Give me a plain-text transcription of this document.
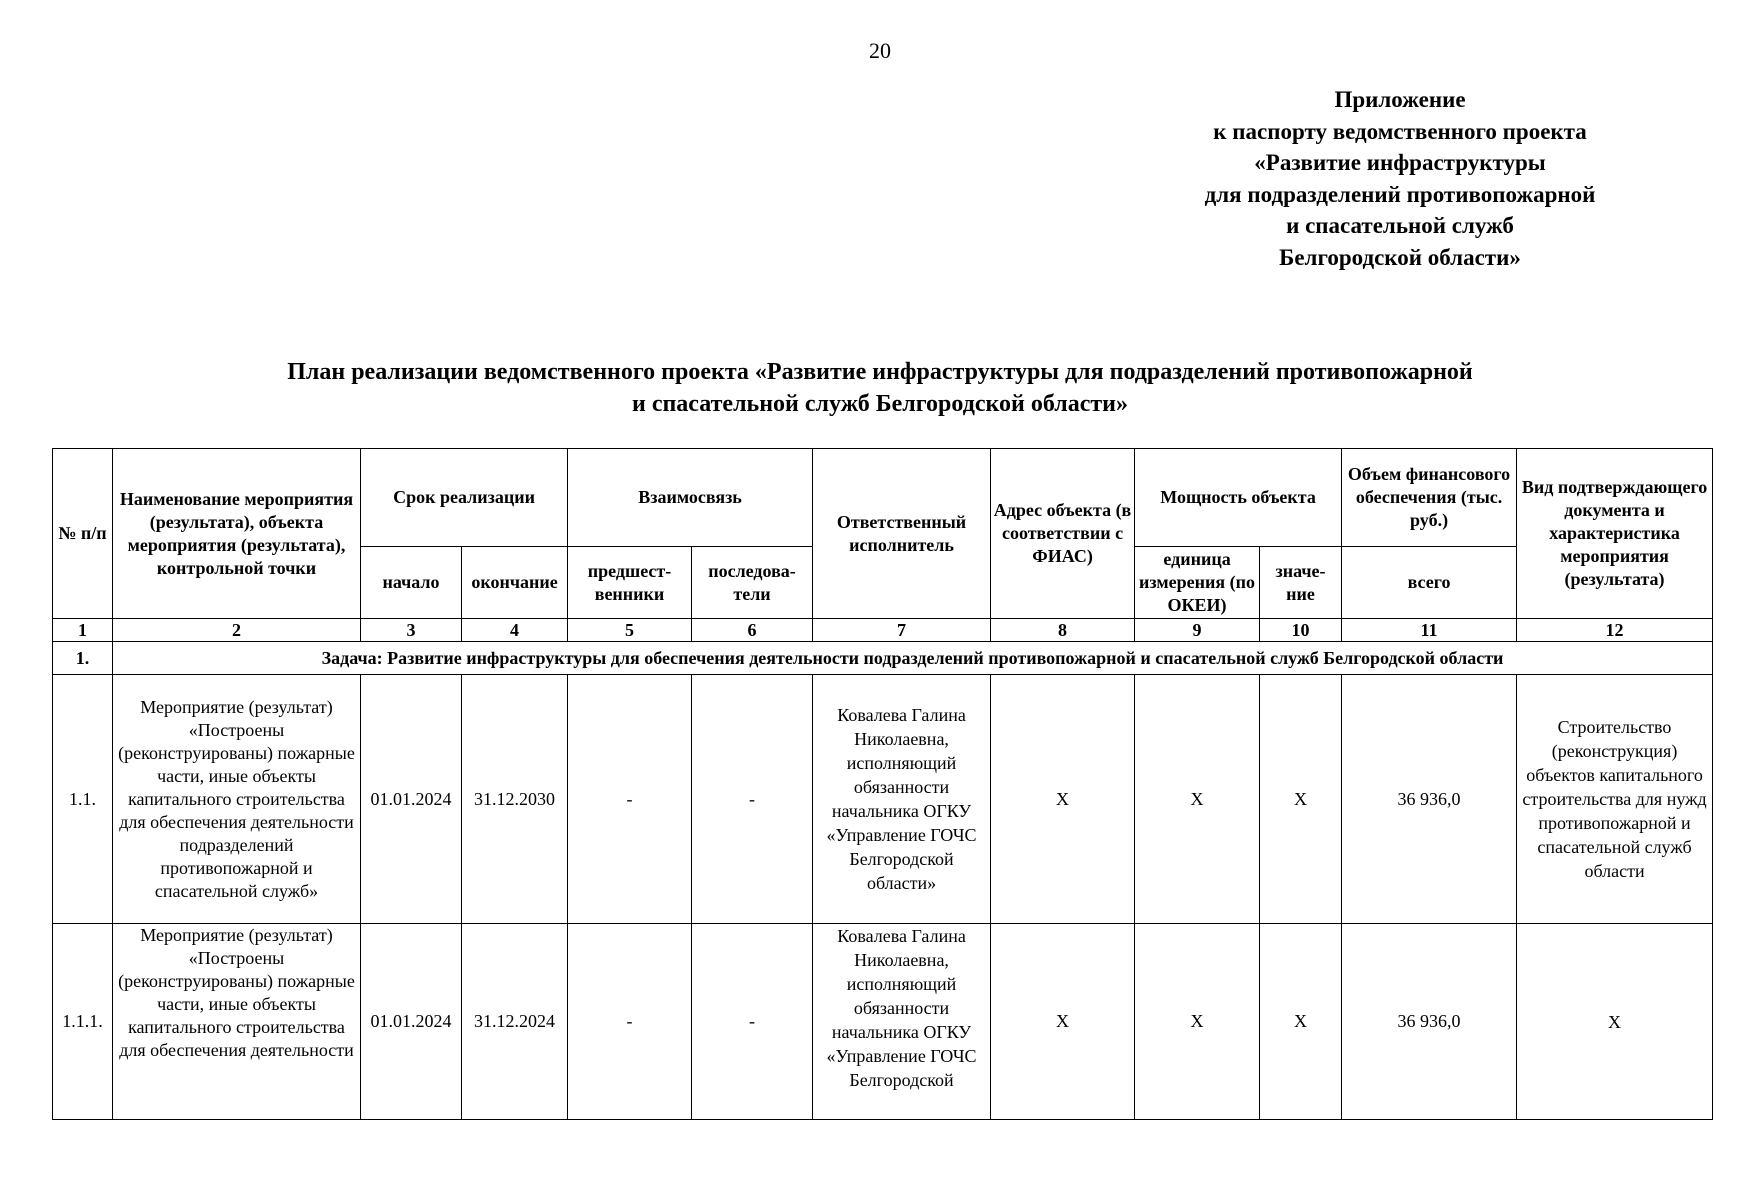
20
Приложение
к паспорту ведомственного проекта
«Развитие инфраструктуры
для подразделений противопожарной
и спасательной служб
Белгородской области»
План реализации ведомственного проекта «Развитие инфраструктуры для подразделений противопожарной
и спасательной служб Белгородской области»
№ п/п	Наименование мероприятия (результата), объекта мероприятия (результата), контрольной точки	Срок реализации		Взаимосвязь		Ответственный исполнитель	Адрес объекта (в соответствии с ФИАС)	Мощность объекта		Объем финансового обеспечения (тыс. руб.)	Вид подтверждающего документа и характеристика мероприятия (результата)
		начало	окончание	предшест-венники	последова-тели			единица измерения (по ОКЕИ)	значе-ние	всего	
1	2	3	4	5	6	7	8	9	10	11	12
1.	Задача: Развитие инфраструктуры для обеспечения деятельности подразделений противопожарной и спасательной служб Белгородской области										
1.1.	Мероприятие (результат) «Построены (реконструированы) пожарные части, иные объекты капитального строительства для обеспечения деятельности подразделений противопожарной и спасательной служб»	01.01.2024	31.12.2030	-	-	Ковалева Галина Николаевна, исполняющий обязанности начальника ОГКУ «Управление ГОЧС Белгородской области»	Х	Х	Х	36 936,0	Строительство (реконструкция) объектов капитального строительства для нужд противопожарной и спасательной служб области
1.1.1.	Мероприятие (результат) «Построены (реконструированы) пожарные части, иные объекты капитального строительства для обеспечения деятельности	01.01.2024	31.12.2024	-	-	Ковалева Галина Николаевна, исполняющий обязанности начальника ОГКУ «Управление ГОЧС Белгородской	Х	Х	Х	36 936,0	Х
